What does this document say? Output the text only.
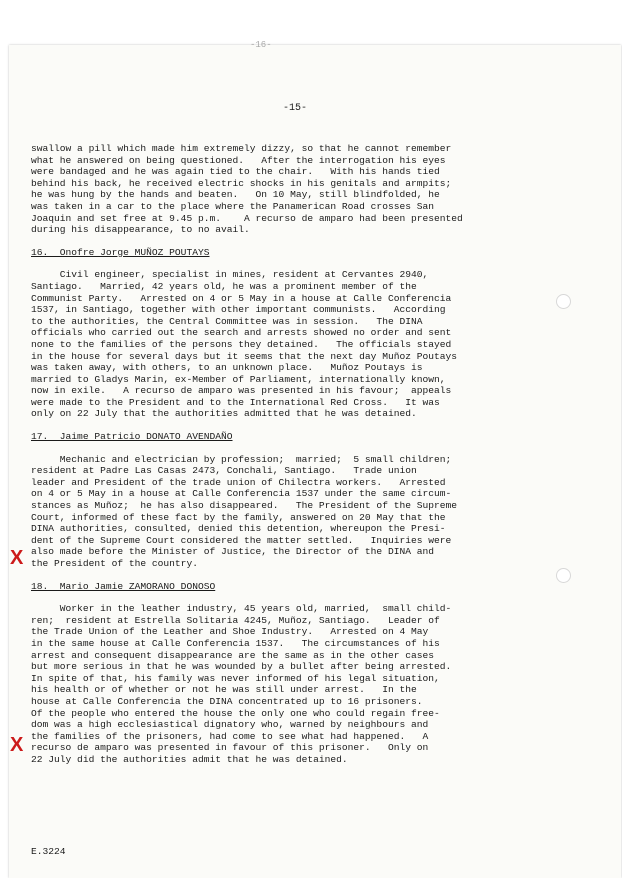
-16-
-15-

swallow a pill which made him extremely dizzy, so that he cannot remember

what he answered on being questioned.   After the interrogation his eyes

were bandaged and he was again tied to the chair.   With his hands tied

behind his back, he received electric shocks in his genitals and armpits;

he was hung by the hands and beaten.   On 10 May, still blindfolded, he

was taken in a car to the place where the Panamerican Road crosses San

Joaquin and set free at 9.45 p.m.    A recurso de amparo had been presented

during his disappearance, to no avail.

16.  Onofre Jorge MUÑOZ POUTAYS

Civil engineer, specialist in mines, resident at Cervantes 2940,

Santiago.   Married, 42 years old, he was a prominent member of the

Communist Party.   Arrested on 4 or 5 May in a house at Calle Conferencia

1537, in Santiago, together with other important communists.   According

to the authorities, the Central Committee was in session.   The DINA

officials who carried out the search and arrests showed no order and sent

none to the families of the persons they detained.   The officials stayed

in the house for several days but it seems that the next day Muñoz Poutays

was taken away, with others, to an unknown place.   Muñoz Poutays is

married to Gladys Marin, ex-Member of Parliament, internationally known,

now in exile.   A recurso de amparo was presented in his favour;  appeals

were made to the President and to the International Red Cross.   It was

only on 22 July that the authorities admitted that he was detained.

17.  Jaime Patricio DONATO AVENDAÑO

Mechanic and electrician by profession;  married;  5 small children;

resident at Padre Las Casas 2473, Conchali, Santiago.   Trade union

leader and President of the trade union of Chilectra workers.   Arrested

on 4 or 5 May in a house at Calle Conferencia 1537 under the same circum-

stances as Muñoz;  he has also disappeared.   The President of the Supreme

Court, informed of these fact by the family, answered on 20 May that the

DINA authorities, consulted, denied this detention, whereupon the Presi-

dent of the Supreme Court considered the matter settled.   Inquiries were

also made before the Minister of Justice, the Director of the DINA and

the President of the country.

18.  Mario Jamie ZAMORANO DONOSO

Worker in the leather industry, 45 years old, married,  small child-

ren;  resident at Estrella Solitaria 4245, Muñoz, Santiago.   Leader of

the Trade Union of the Leather and Shoe Industry.   Arrested on 4 May

in the same house at Calle Conferencia 1537.   The circumstances of his

arrest and consequent disappearance are the same as in the other cases

but more serious in that he was wounded by a bullet after being arrested.

In spite of that, his family was never informed of his legal situation,

his health or of whether or not he was still under arrest.   In the

house at Calle Conferencia the DINA concentrated up to 16 prisoners.

Of the people who entered the house the only one who could regain free-

dom was a high ecclesiastical dignatory who, warned by neighbours and

the families of the prisoners, had come to see what had happened.   A

recurso de amparo was presented in favour of this prisoner.   Only on

22 July did the authorities admit that he was detained.

X
X
E.3224
